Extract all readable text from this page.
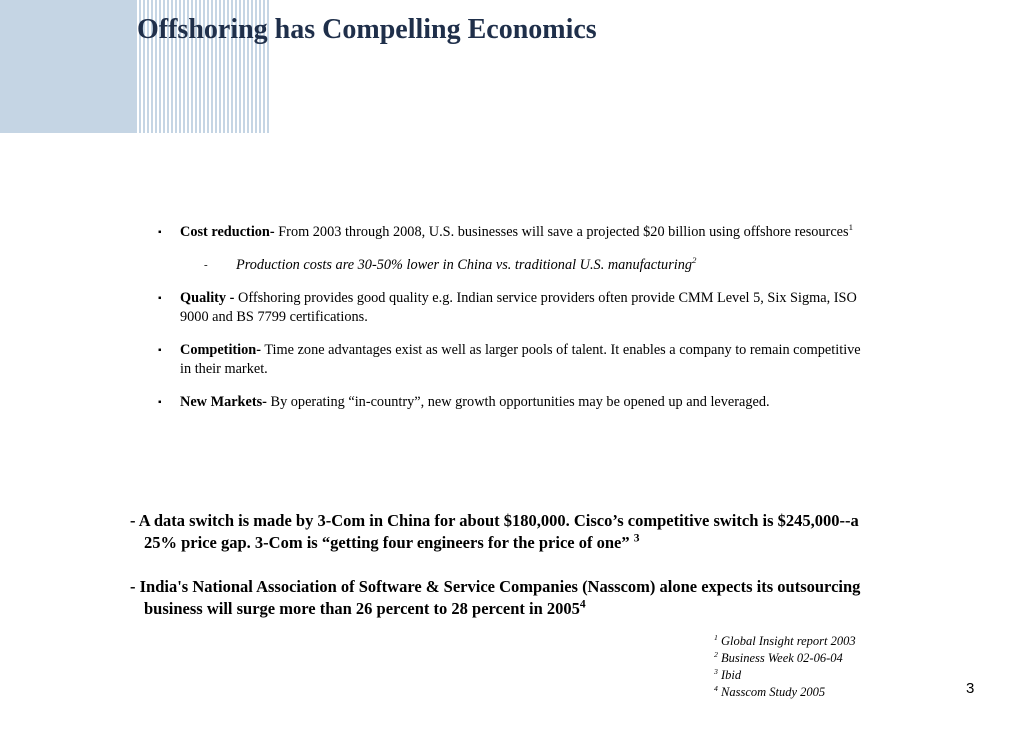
Offshoring has Compelling Economics
▪ Cost reduction- From 2003 through 2008, U.S. businesses will save a projected $20 billion using offshore resources$^1$
- Production costs are 30-50% lower in China vs. traditional U.S. manufacturing$^2$
▪ Quality - Offshoring provides good quality e.g. Indian service providers often provide CMM Level 5, Six Sigma, ISO 9000 and BS 7799 certifications.
▪ Competition- Time zone advantages exist as well as larger pools of talent. It enables a company to remain competitive in their market.
▪ New Markets- By operating “in-country”, new growth opportunities may be opened up and leveraged.

- A data switch is made by 3-Com in China for about $180,000. Cisco’s competitive switch is $245,000--a 25% price gap. 3-Com is “getting four engineers for the price of one” $^3$

- India's National Association of Software & Service Companies (Nasscom) alone expects its outsourcing business will surge more than 26 percent to 28 percent in 2005$^4$

$^1$ Global Insight report 2003
$^2$ Business Week 02-06-04
$^3$ Ibid
$^4$ Nasscom Study 2005	3
